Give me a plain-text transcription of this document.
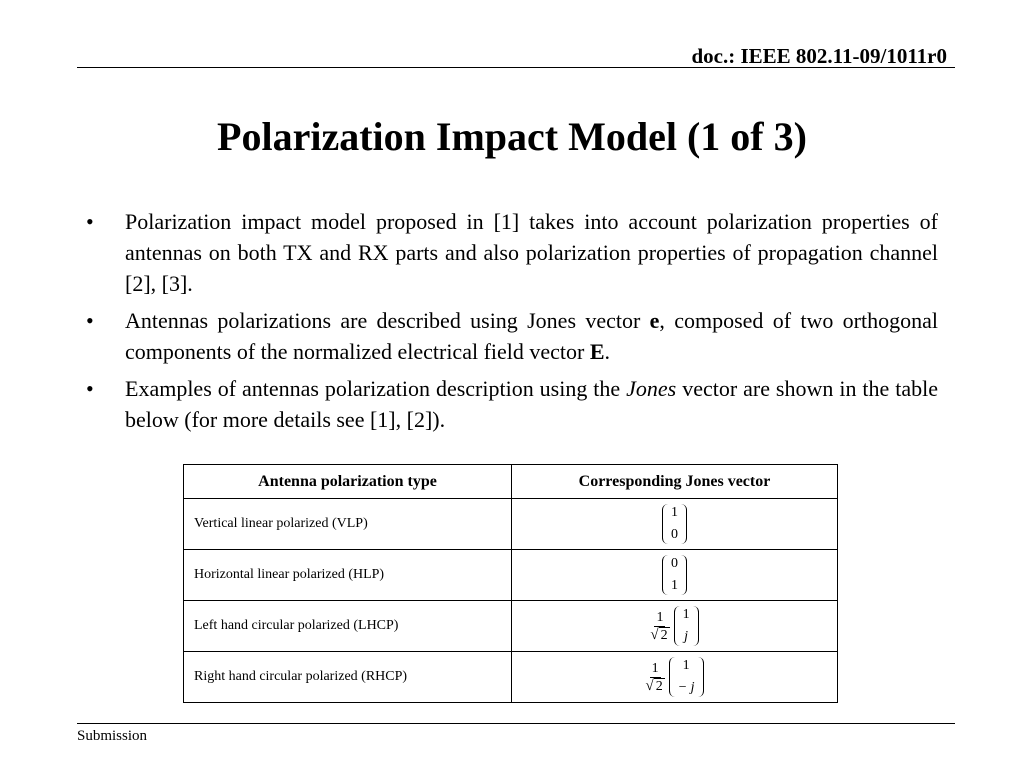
doc.: IEEE 802.11-09/1011r0
Polarization Impact Model (1 of 3)
• Polarization impact model proposed in [1] takes into account polarization properties of antennas on both TX and RX parts and also polarization properties of propagation channel [2], [3].
• Antennas polarizations are described using Jones vector e, composed of two orthogonal components of the normalized electrical field vector E.
• Examples of antennas polarization description using the Jones vector are shown in the table below (for more details see [1], [2]).
Antenna polarization type	Corresponding Jones vector
Vertical linear polarized (VLP)	1
0

Horizontal linear polarized (HLP)	0
1

Left hand circular polarized (LHCP)	$\frac{1}{√ 2} 1$
j

Right hand circular polarized (RHCP)	$\frac{1}{√ 2} 1$
− j
Submission
